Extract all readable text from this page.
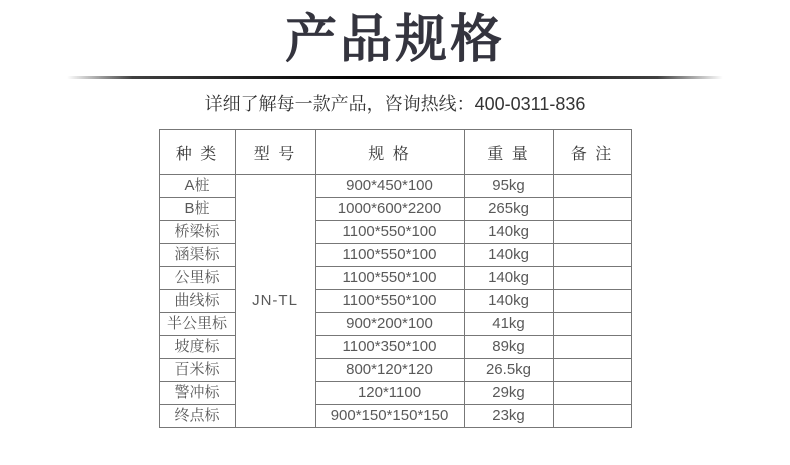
产品规格

详细了解每一款产品，咨询热线：400-0311-836

种 类	型 号	规 格	重 量	备 注
A桩	JN-TL	900*450*100	95kg	
B桩		1000*600*2200	265kg	
桥梁标		1100*550*100	140kg	
涵渠标		1100*550*100	140kg	
公里标		1100*550*100	140kg	
曲线标		1100*550*100	140kg	
半公里标		900*200*100	41kg	
坡度标		1100*350*100	89kg	
百米标		800*120*120	26.5kg	
警冲标		120*1100	29kg	
终点标		900*150*150*150	23kg	
